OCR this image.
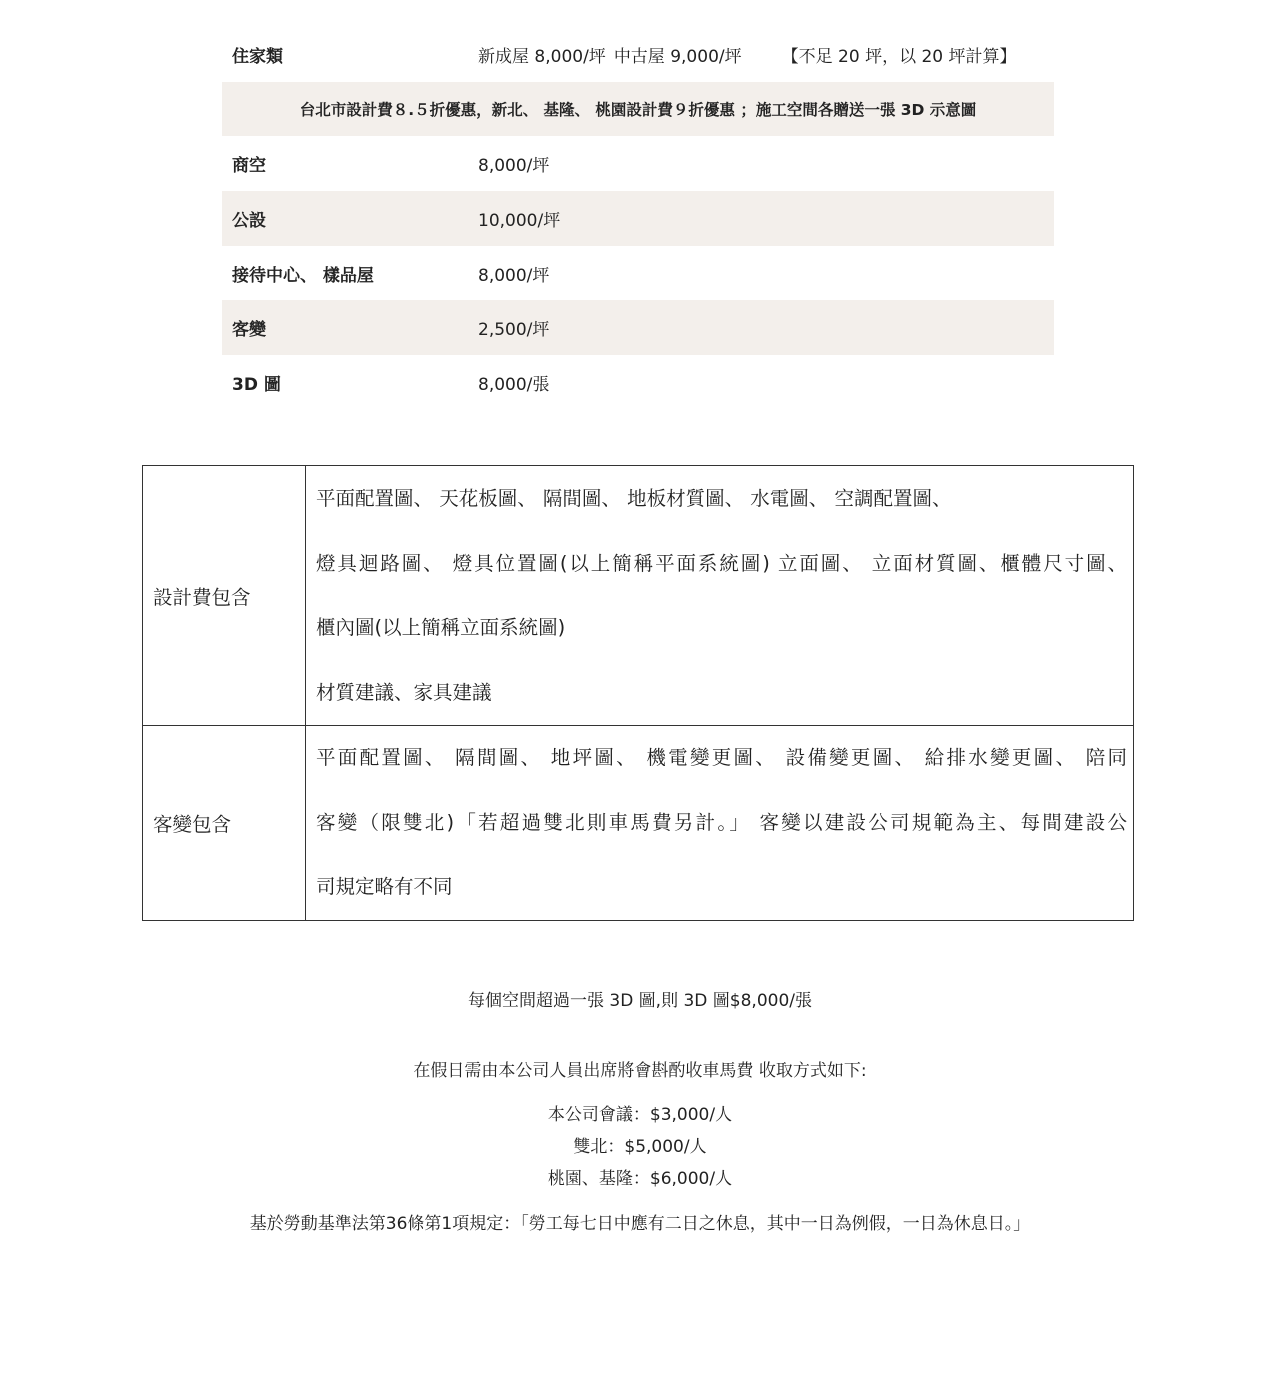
住家類	新成屋 8,000/坪 中古屋 9,000/坪 【不足 20 坪，以 20 坪計算】
台北市設計費８.５折優惠，新北、 基隆、 桃園設計費９折優惠 ；施工空間各贈送一張 3D 示意圖
商空	8,000/坪
公設	10,000/坪
接待中心、 樣品屋	8,000/坪
客變	2,500/坪
3D 圖	8,000/張
設計費包含	平面配置圖、 天花板圖、 隔間圖、 地板材質圖、 水電圖、 空調配置圖、
燈具迴路圖、 燈具位置圖(以上簡稱平面系統圖) 立面圖、 立面材質圖、櫃體尺寸圖、
櫃內圖(以上簡稱立面系統圖)
材質建議、家具建議

客變包含	平面配置圖、 隔間圖、 地坪圖、 機電變更圖、 設備變更圖、 給排水變更圖、 陪同
客變（限雙北)「若超過雙北則車馬費另計。」 客變以建設公司規範為主、每間建設公
司規定略有不同
每個空間超過一張 3D 圖,則 3D 圖$8,000/張
在假日需由本公司人員出席將會斟酌收車馬費 收取方式如下:
本公司會議：$3,000/人
雙北：$5,000/人
桃園、基隆：$6,000/人
基於勞動基準法第36條第1項規定：「勞工每七日中應有二日之休息，其中一日為例假，一日為休息日。」
